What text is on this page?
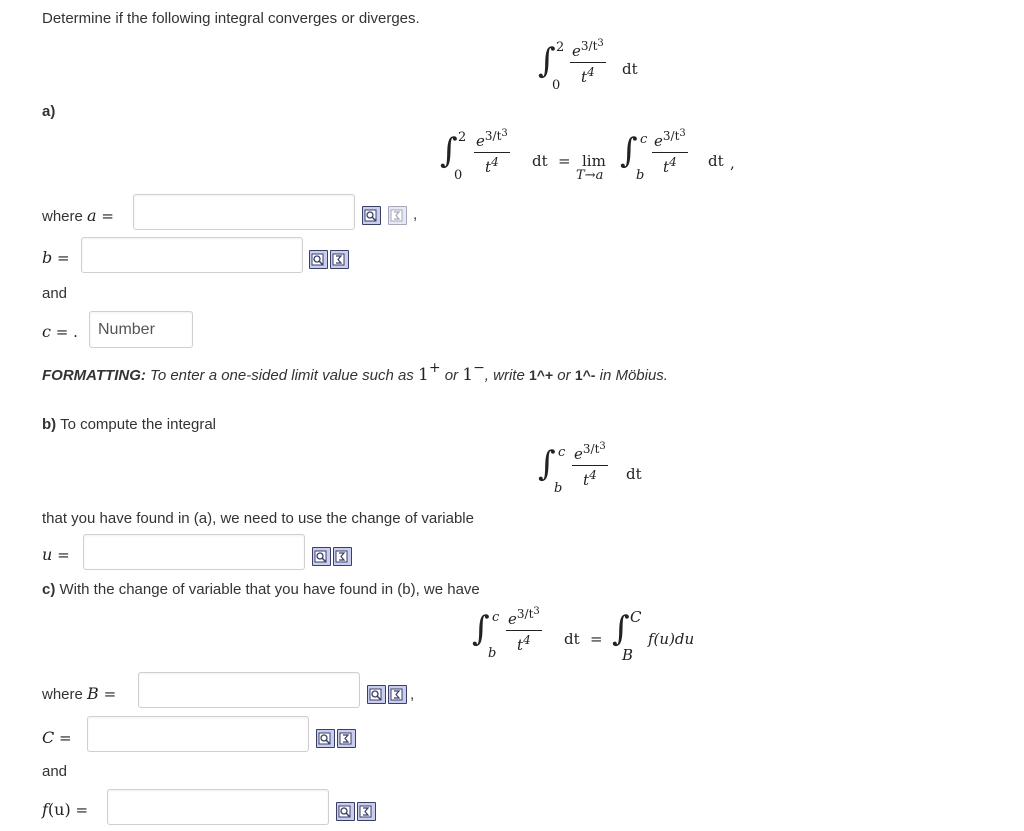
Determine if the following integral converges or diverges.
∫ 2
$0 \frac{e^{3/t^3}}{t^4}$ dt
a)
∫ 2
$0 \frac{e^{3/t^3}}{t^4}$ dt = lim
T→a
∫ c
b $\frac{e^{3/t^3}}{t^4}$ dt ,
where a =	,
b =
and
c = .
Number
FORMATTING: To enter a one-sided limit value such as 1+ or 1−, write 1^+ or 1^- in Möbius.
b) To compute the integral
∫ c
b $\frac{e^{3/t^3}}{t^4}$ dt
that you have found in (a), we need to use the change of variable
u =
c) With the change of variable that you have found in (b), we have
∫ c
b $\frac{e^{3/t^3}}{t^4}$ dt = ∫ C
B
f(u)du
where B =	,
C =
and
f(u) =
